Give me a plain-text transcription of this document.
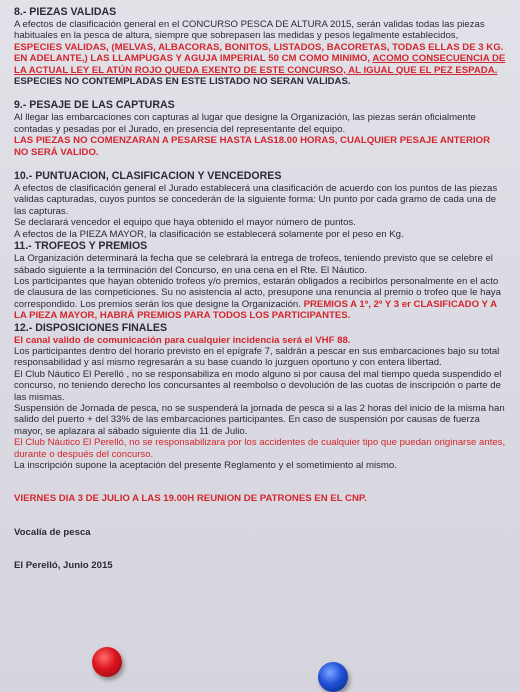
8.- PIEZAS VALIDAS

A efectos de clasificación general en el CONCURSO PESCA DE ALTURA 2015, serán validas todas las piezas habituales en la pesca de altura, siempre que sobrepasen las medidas y pesos legalmente establecidos, ESPECIES VALIDAS, (MELVAS, ALBACORAS, BONITOS, LISTADOS, BACORETAS, TODAS ELLAS DE 3 KG. EN ADELANTE,) LAS LLAMPUGAS Y AGUJA IMPERIAL 50 CM COMO MINIMO, ACOMO CONSECUENCIA DE LA ACTUAL LEY EL ATÚN ROJO QUEDA EXENTO DE ESTE CONCURSO, AL IGUAL QUE EL PEZ ESPADA. ESPECIES NO CONTEMPLADAS EN ESTE LISTADO NO SERAN VALIDAS.

9.- PESAJE DE LAS CAPTURAS

Al llegar las embarcaciones con capturas al lugar que designe la Organización, las piezas serán oficialmente contadas y pesadas por el Jurado, en presencia del representante del equipo.

LAS PIEZAS NO COMENZARAN A PESARSE HASTA LAS18.00 HORAS, CUALQUIER PESAJE ANTERIOR NO SERÁ VALIDO.

10.- PUNTUACION, CLASIFICACION Y VENCEDORES

A efectos de clasificación general el Jurado establecerá una clasificación de acuerdo con los puntos de las piezas validas capturadas, cuyos puntos se concederán de la siguiente forma: Un punto por cada gramo de cada una de las capturas.

Se declarará vencedor el equipo que haya obtenido el mayor número de puntos.

A efectos de la PIEZA MAYOR, la clasificación se establecerá solamente por el peso en Kg.

11.- TROFEOS Y PREMIOS

La Organización determinará la fecha que se celebrará la entrega de trofeos, teniendo previsto que se celebre el sábado siguiente a la terminación del Concurso, en una cena en el Rte. El Náutico.

Los participantes que hayan obtenido trofeos y/o premios, estarán obligados a recibirlos personalmente en el acto de clausura de las competiciones. Su no asistencia al acto, presupone una renuncia al premio o trofeo que le haya correspondido. Los premios serán los que designe la Organización. PREMIOS A 1º, 2º Y 3 er CLASIFICADO Y A LA PIEZA MAYOR, HABRÁ PREMIOS PARA TODOS LOS PARTICIPANTES.

12.- DISPOSICIONES FINALES

El canal valido de comunicación para cualquier incidencia será el VHF 88.

Los participantes dentro del horario previsto en el epígrafe 7, saldrán a pescar en sus embarcaciones bajo su total responsabilidad y así mismo regresarán a su base cuando lo juzguen oportuno y con entera libertad.

El Club Náutico El Perelló , no se responsabiliza en modo alguno si por causa del mal tiempo queda suspendido el concurso, no teniendo derecho los concursantes al reembolso o devolución de las cuotas de inscripción o parte de las mismas.

Suspensión de Jornada de pesca, no se suspenderá la jornada de pesca si a las 2 horas del inicio de la misma han salido del puerto + del 33% de las embarcaciones participantes. En caso de suspensión por causas de fuerza mayor, se aplazara al sábado siguiente día 11 de Julio.

El Club Náutico El Perelló, no se responsabilizara por los accidentes de cualquier tipo que puedan originarse antes, durante o después del concurso.

La inscripción supone la aceptación del presente Reglamento y el sometimiento al mismo.

VIERNES DIA 3 DE JULIO A LAS 19.00H REUNION DE PATRONES EN EL CNP.

Vocalía de pesca

El Perelló, Junio 2015
